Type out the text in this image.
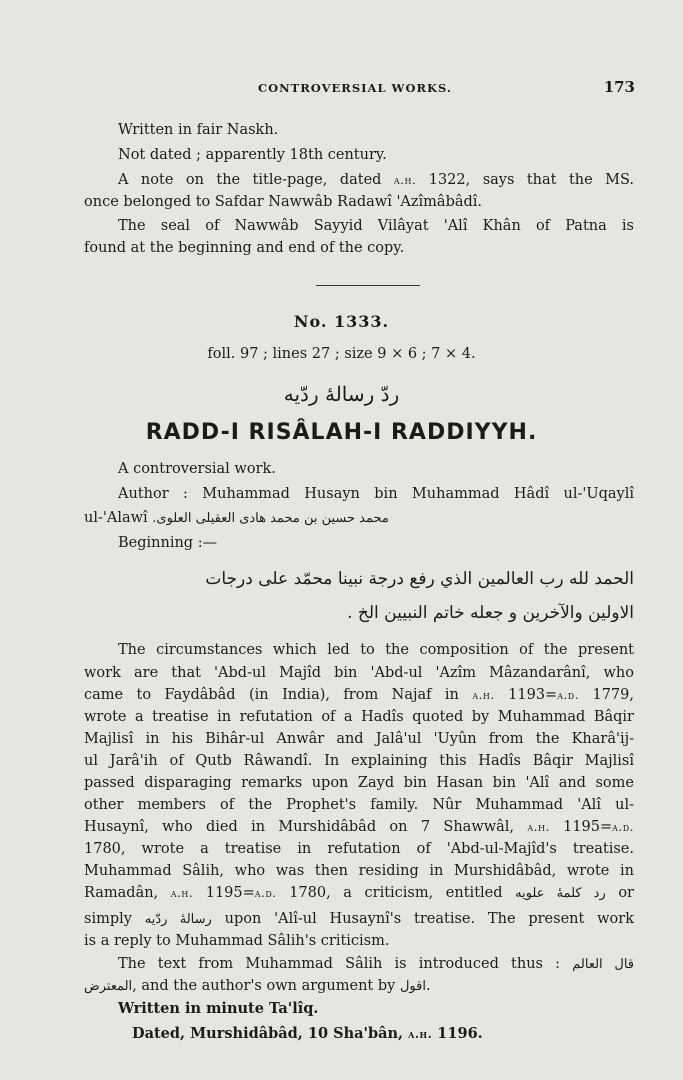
CONTROVERSIAL WORKS.	173
Written in fair Naskh.
Not dated ; apparently 18th century.
A note on the title-page, dated a.h. 1322, says that the MS.
once belonged to Safdar Nawwâb Radawî 'Azîmâbâdî.
The seal of Nawwâb Sayyid Vilâyat 'Alî Khân of Patna is
found at the beginning and end of the copy.
No. 1333.
foll. 97 ; lines 27 ; size 9 × 6 ; 7 × 4.
ردّ رسالۀ ردّیه
RADD-I RISÂLAH-I RADDIYYH.
A controversial work.
Author : Muhammad Husayn bin Muhammad Hâdî ul-'Uqaylî
ul-'Alawî محمد حسین بن محمد هادی العقیلی العلوی.
Beginning :—
الحمد لله رب العالمین الذي رفع درجة نبینا محمّد علی درجات
الاولین والآخرین و جعله خاتم النبیین الخ .
The circumstances which led to the composition of the present
work are that 'Abd-ul Majîd bin 'Abd-ul 'Azîm Mâzandarânî, who
came to Faydâbâd (in India), from Najaf in a.h. 1193=a.d. 1779,
wrote a treatise in refutation of a Hadîs quoted by Muhammad Bâqir
Majlisî in his Bihâr-ul Anwâr and Jalâ'ul 'Uyûn from the Kharâ'ij-
ul Jarâ'ih of Qutb Râwandî. In explaining this Hadîs Bâqir Majlisî
passed disparaging remarks upon Zayd bin Hasan bin 'Alî and some
other members of the Prophet's family. Nûr Muhammad 'Alî ul-
Husaynî, who died in Murshidâbâd on 7 Shawwâl, a.h. 1195=a.d.
1780, wrote a treatise in refutation of 'Abd-ul-Majîd's treatise.
Muhammad Sâlih, who was then residing in Murshidâbâd, wrote in
Ramadân, a.h. 1195=a.d. 1780, a criticism, entitled رد کلمۀ علویه or
simply رسالۀ ردّیه upon 'Alî-ul Husaynî's treatise. The present work
is a reply to Muhammad Sâlih's criticism.
The text from Muhammad Sâlih is introduced thus : قال العالم
المعترض, and the author's own argument by اقول.
Written in minute Ta'lîq.
Dated, Murshidâbâd, 10 Sha'bân, a.h. 1196.
